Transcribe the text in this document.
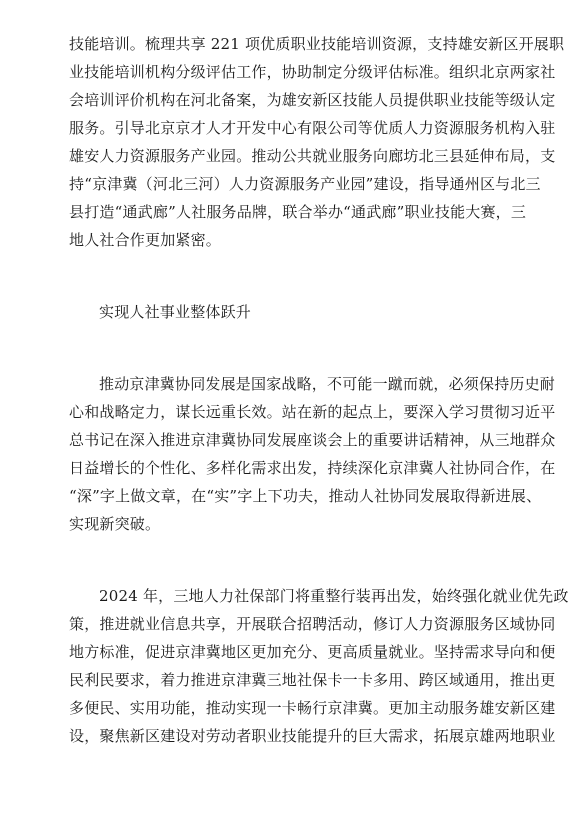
技能培训。梳理共享 221 项优质职业技能培训资源，支持雄安新区开展职
业技能培训机构分级评估工作，协助制定分级评估标准。组织北京两家社
会培训评价机构在河北备案，为雄安新区技能人员提供职业技能等级认定
服务。引导北京京才人才开发中心有限公司等优质人力资源服务机构入驻
雄安人力资源服务产业园。推动公共就业服务向廊坊北三县延伸布局，支
持“京津冀（河北三河）人力资源服务产业园”建设，指导通州区与北三
县打造“通武廊”人社服务品牌，联合举办“通武廊”职业技能大赛，三
地人社合作更加紧密。
实现人社事业整体跃升
推动京津冀协同发展是国家战略，不可能一蹴而就，必须保持历史耐
心和战略定力，谋长远重长效。站在新的起点上，要深入学习贯彻习近平
总书记在深入推进京津冀协同发展座谈会上的重要讲话精神，从三地群众
日益增长的个性化、多样化需求出发，持续深化京津冀人社协同合作，在
“深”字上做文章，在“实”字上下功夫，推动人社协同发展取得新进展、
实现新突破。
2024 年，三地人力社保部门将重整行装再出发，始终强化就业优先政
策，推进就业信息共享，开展联合招聘活动，修订人力资源服务区域协同
地方标准，促进京津冀地区更加充分、更高质量就业。坚持需求导向和便
民利民要求，着力推进京津冀三地社保卡一卡多用、跨区域通用，推出更
多便民、实用功能，推动实现一卡畅行京津冀。更加主动服务雄安新区建
设，聚焦新区建设对劳动者职业技能提升的巨大需求，拓展京雄两地职业
